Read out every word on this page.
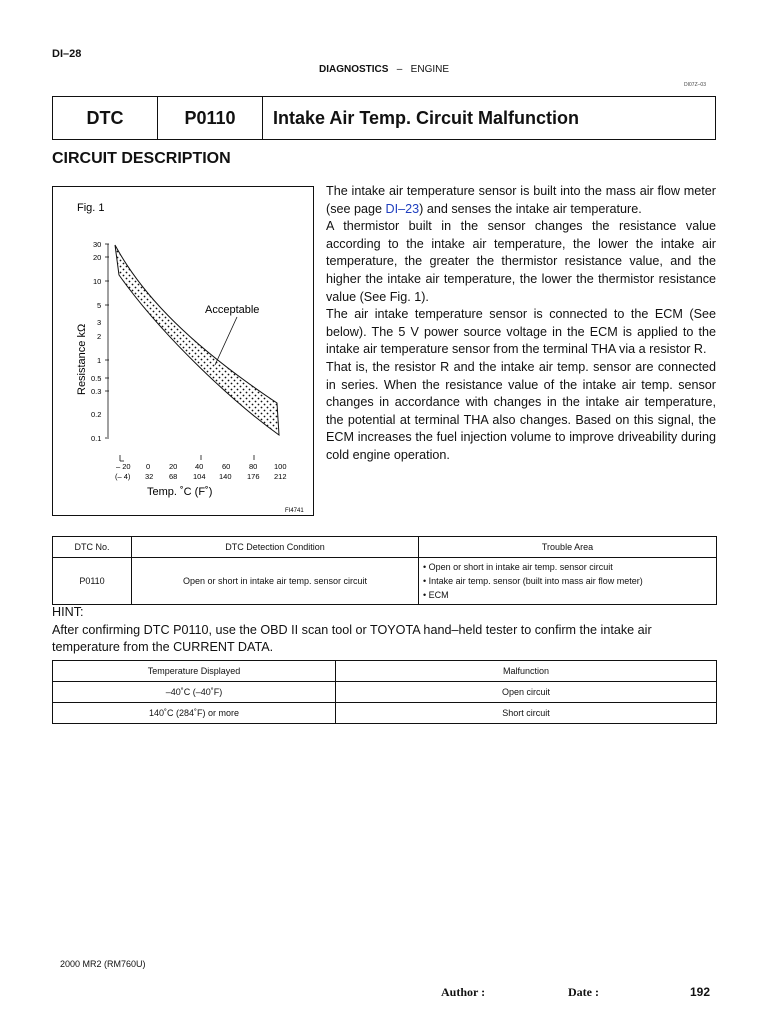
DI–28
DIAGNOSTICS – ENGINE
DI07Z–03
DTC	P0110	Intake Air Temp. Circuit Malfunction
CIRCUIT DESCRIPTION
Fig. 1
30
20
10
5
3
2
1
0.5
0.3
0.2
0.1
Resistance kΩ
– 20 0	20 40 60 80 100
(– 4) 32 68 104 140 176 212
Temp. ˚C (F˚)
Acceptable
FI4741

The intake air temperature sensor is built into the mass air flow meter (see page DI–23) and senses the intake air temperature.

A thermistor built in the sensor changes the resistance value according to the intake air temperature, the lower the intake air temperature, the greater the thermistor resistance value, and the higher the intake air temperature, the lower the thermistor resistance value (See Fig. 1).

The air intake temperature sensor is connected to the ECM (See below). The 5 V power source voltage in the ECM is applied to the intake air temperature sensor from the terminal THA via a resistor R.

That is, the resistor R and the intake air temp. sensor are connected in series. When the resistance value of the intake air temp. sensor changes in accordance with changes in the intake air temperature, the potential at terminal THA also changes. Based on this signal, the ECM increases the fuel injection volume to improve driveability during cold engine operation.

DTC No.	DTC Detection Condition	Trouble Area
P0110	Open or short in intake air temp. sensor circuit	• Open or short in intake air temp. sensor circuit
• Intake air temp. sensor (built into mass air flow meter)
• ECM

HINT:

After confirming DTC P0110, use the OBD II scan tool or TOYOTA hand–held tester to confirm the intake air temperature from the CURRENT DATA.

Temperature Displayed	Malfunction
–40˚C (–40˚F)	Open circuit
140˚C (284˚F) or more	Short circuit
2000 MR2 (RM760U)
Author :	Date :	192
